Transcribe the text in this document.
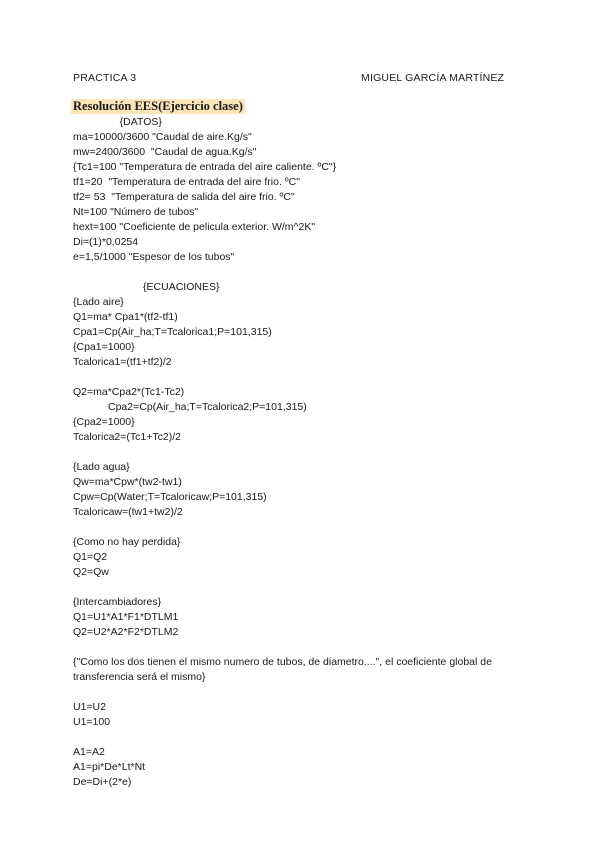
PRACTICA 3	MIGUEL GARCÍA MARTÍNEZ
Resolución EES(Ejercicio clase)
{DATOS}
ma=10000/3600 "Caudal de aire.Kg/s"
mw=2400/3600  "Caudal de agua.Kg/s"
{Tc1=100 "Temperatura de entrada del aire caliente. ºC"}
tf1=20  "Temperatura de entrada del aire frio. ºC"
tf2= 53  "Temperatura de salida del aire frio. ºC"
Nt=100 "Número de tubos"
hext=100 "Coeficiente de pelicula exterior. W/m^2K"
Di=(1)*0,0254
e=1,5/1000 "Espesor de los tubos"
{ECUACIONES}
{Lado aire}
Q1=ma* Cpa1*(tf2-tf1)
Cpa1=Cp(Air_ha;T=Tcalorica1;P=101,315)
{Cpa1=1000}
Tcalorica1=(tf1+tf2)/2
Q2=ma*Cpa2*(Tc1-Tc2)
Cpa2=Cp(Air_ha;T=Tcalorica2;P=101,315)
{Cpa2=1000}
Tcalorica2=(Tc1+Tc2)/2
{Lado agua}
Qw=ma*Cpw*(tw2-tw1)
Cpw=Cp(Water;T=Tcaloricaw;P=101,315)
Tcaloricaw=(tw1+tw2)/2
{Como no hay perdida}
Q1=Q2
Q2=Qw
{Intercambiadores}
Q1=U1*A1*F1*DTLM1
Q2=U2*A2*F2*DTLM2
{"Como los dos tienen el mismo numero de tubos, de diametro....", el coeficiente global de transferencia será el mismo}
U1=U2
U1=100
A1=A2
A1=pi*De*Lt*Nt
De=Di+(2*e)
